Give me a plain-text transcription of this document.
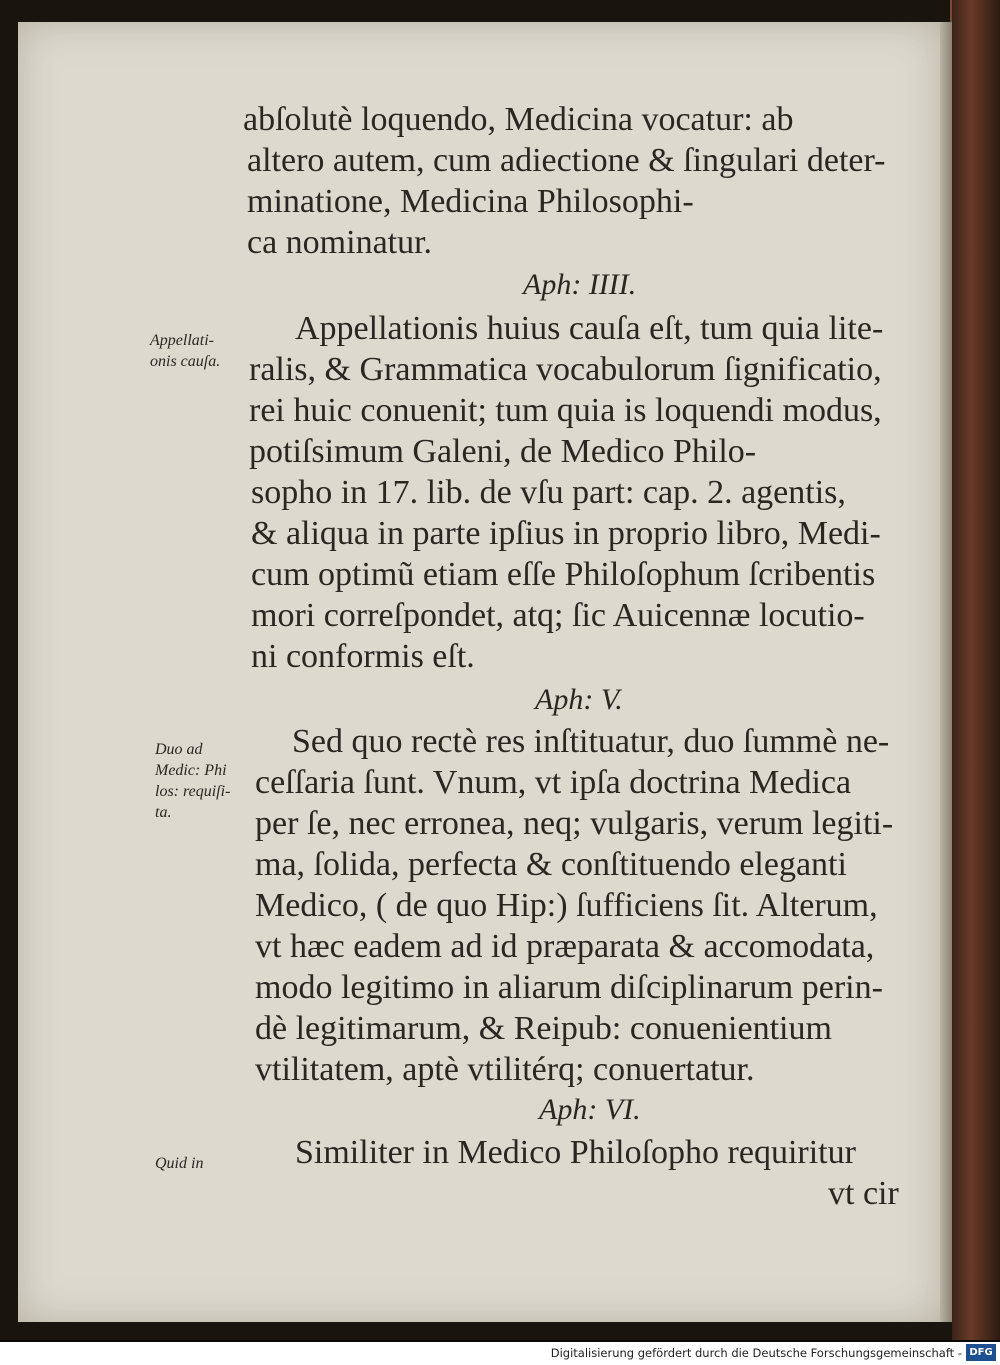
abſolutè loquendo, Medicina vocatur: ab
altero autem, cum adiectione & ſingulari deter-
minatione, Medicina Philosophi-
ca nominatur.
Aph: IIII.
Appellati-
onis cauſa.
Appellationis huius cauſa eſt, tum quia lite-
ralis, & Grammatica vocabulorum ſignificatio,
rei huic conuenit; tum quia is loquendi modus,
potiſsimum Galeni, de Medico Philo-
sopho in 17. lib. de vſu part: cap. 2. agentis,
& aliqua in parte ipſius in proprio libro, Medi-
cum optimũ etiam eſſe Philoſophum ſcribentis
mori correſpondet, atq; ſic Auicennæ locutio-
ni conformis eſt.
Aph: V.
Duo ad
Medic: Phi
los: requiſi-
ta.
Sed quo rectè res inſtituatur, duo ſummè ne-
ceſſaria ſunt. Vnum, vt ipſa doctrina Medica
per ſe, nec erronea, neq; vulgaris, verum legiti-
ma, ſolida, perfecta & conſtituendo eleganti
Medico, ( de quo Hip:) ſufficiens ſit. Alterum,
vt hæc eadem ad id præparata & accomodata,
modo legitimo in aliarum diſciplinarum perin-
dè legitimarum, & Reipub: conuenientium
vtilitatem, aptè vtilitérq; conuertatur.
Aph: VI.
Quid in	Similiter in Medico Philoſopho requiritur
vt cir
Digitalisierung gefördert durch die Deutsche Forschungsgemeinschaft - DFG
